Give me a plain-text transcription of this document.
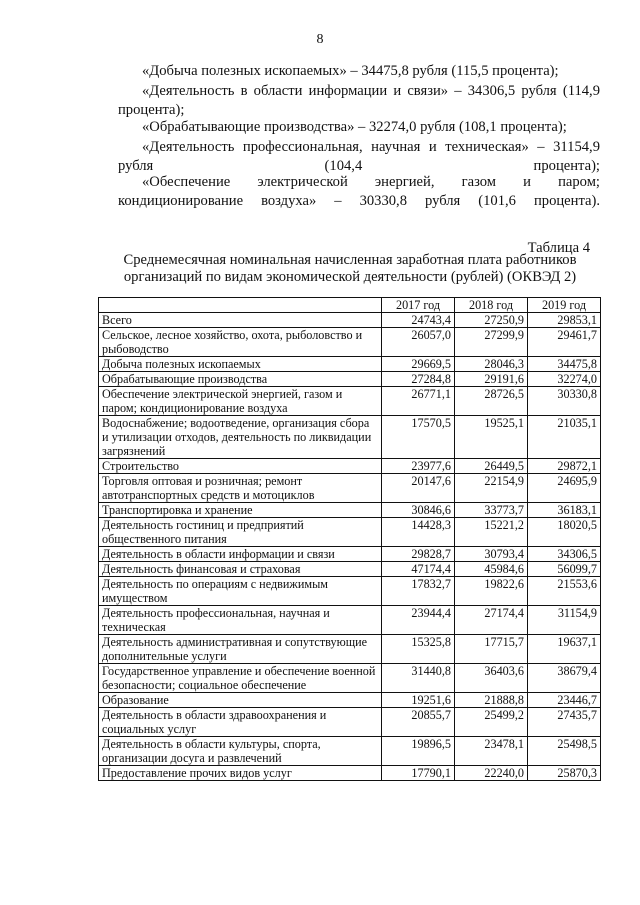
8
«Добыча полезных ископаемых» – 34475,8 рубля (115,5 процента);
«Деятельность в области информации и связи» – 34306,5 рубля (114,9 процента);
«Обрабатывающие производства» – 32274,0 рубля (108,1 процента);
«Деятельность профессиональная, научная и техническая» – 31154,9 рубля (104,4 процента);
«Обеспечение электрической энергией, газом и паром; кондиционирование воздуха» – 30330,8 рубля (101,6 процента).
Таблица 4
Среднемесячная номинальная начисленная заработная плата работников организаций по видам экономической деятельности (рублей) (ОКВЭД 2)
	2017 год	2018 год	2019 год
Всего	24743,4	27250,9	29853,1
Сельское, лесное хозяйство, охота, рыболовство и рыбоводство	26057,0	27299,9	29461,7
Добыча полезных ископаемых	29669,5	28046,3	34475,8
Обрабатывающие производства	27284,8	29191,6	32274,0
Обеспечение электрической энергией, газом и паром; кондиционирование воздуха	26771,1	28726,5	30330,8
Водоснабжение; водоотведение, организация сбора и утилизации отходов, деятельность по ликвидации загрязнений	17570,5	19525,1	21035,1
Строительство	23977,6	26449,5	29872,1
Торговля оптовая и розничная; ремонт автотранспортных средств и мотоциклов	20147,6	22154,9	24695,9
Транспортировка и хранение	30846,6	33773,7	36183,1
Деятельность гостиниц и предприятий общественного питания	14428,3	15221,2	18020,5
Деятельность в области информации и связи	29828,7	30793,4	34306,5
Деятельность финансовая и страховая	47174,4	45984,6	56099,7
Деятельность по операциям с недвижимым имуществом	17832,7	19822,6	21553,6
Деятельность профессиональная, научная и техническая	23944,4	27174,4	31154,9
Деятельность административная и сопутствующие дополнительные услуги	15325,8	17715,7	19637,1
Государственное управление и обеспечение военной безопасности; социальное обеспечение	31440,8	36403,6	38679,4
Образование	19251,6	21888,8	23446,7
Деятельность в области здравоохранения и социальных услуг	20855,7	25499,2	27435,7
Деятельность в области культуры, спорта, организации досуга и развлечений	19896,5	23478,1	25498,5
Предоставление прочих видов услуг	17790,1	22240,0	25870,3
